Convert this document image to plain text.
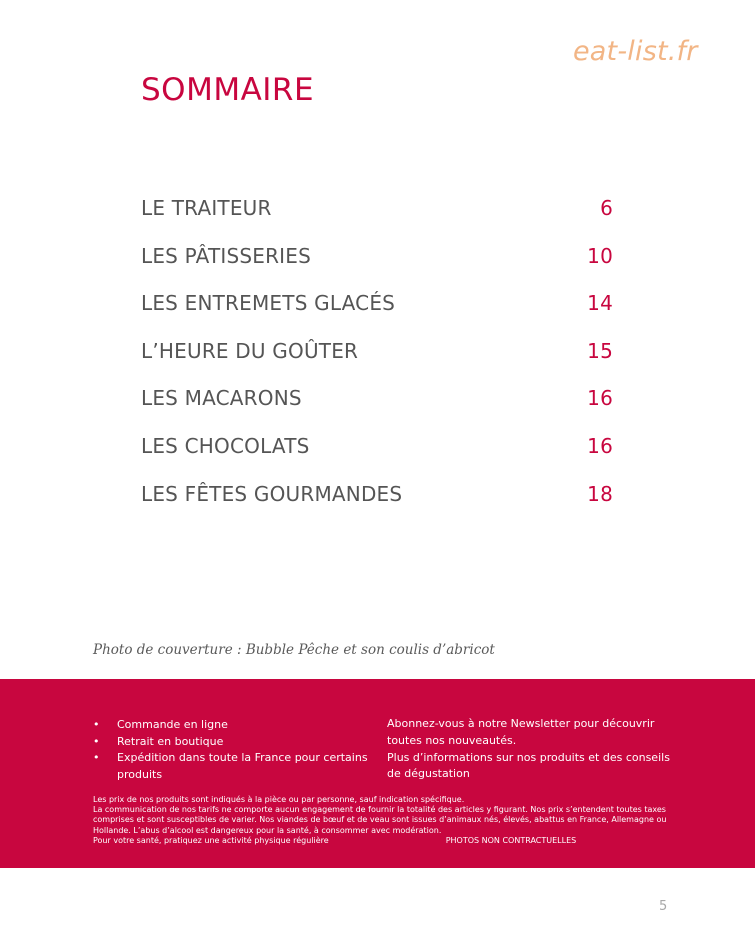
eat-list.fr
SOMMAIRE
LE TRAITEUR	6
LES PÂTISSERIES	10
LES ENTREMETS GLACÉS	14
L’HEURE DU GOÛTER	15
LES MACARONS	16
LES CHOCOLATS	16
LES FÊTES GOURMANDES	18
Photo de couverture : Bubble Pêche et son coulis d’abricot
• Commande en ligne
• Retrait en boutique
• Expédition dans toute la France pour certains produits

Abonnez-vous à notre Newsletter pour découvrir toutes nos nouveautés.

Plus d’informations sur nos produits et des conseils de dégustation

Les prix de nos produits sont indiqués à la pièce ou par personne, sauf indication spécifique.

La communication de nos tarifs ne comporte aucun engagement de fournir la totalité des articles y figurant. Nos prix s’entendent toutes taxes comprises et sont susceptibles de varier. Nos viandes de bœuf et de veau sont issues d’animaux nés, élevés, abattus en France, Allemagne ou Hollande. L’abus d’alcool est dangereux pour la santé, à consommer avec modération.

Pour votre santé, pratiquez une activité physique régulière	PHOTOS NON CONTRACTUELLES
5
